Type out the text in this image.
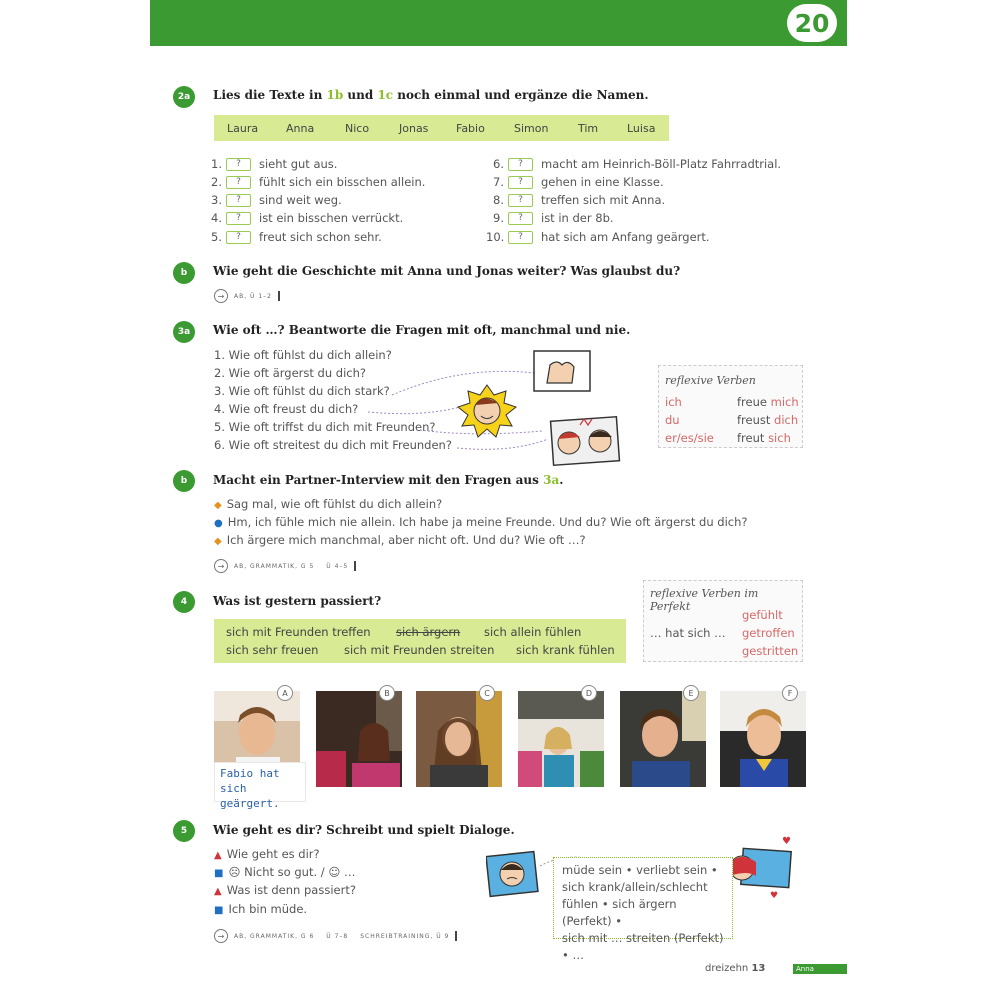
20
2a	Lies die Texte in 1b und 1c noch einmal und ergänze die Namen.
Laura	Anna	Nico	Jonas	Fabio	Simon	Tim	Luisa
1. ? sieht gut aus.
2. ? fühlt sich ein bisschen allein.
3. ? sind weit weg.
4. ? ist ein bisschen verrückt.
5. ? freut sich schon sehr.
6. ? macht am Heinrich-Böll-Platz Fahrradtrial.
7. ? gehen in eine Klasse.
8. ? treffen sich mit Anna.
9. ? ist in der 8b.
10. ? hat sich am Anfang geärgert.
b	Wie geht die Geschichte mit Anna und Jonas weiter? Was glaubst du?
→	AB, Ü 1–2
3a	Wie oft …? Beantworte die Fragen mit oft, manchmal und nie.
1. Wie oft fühlst du dich allein?
2. Wie oft ärgerst du dich?
3. Wie oft fühlst du dich stark?
4. Wie oft freust du dich?
5. Wie oft triffst du dich mit Freunden?
6. Wie oft streitest du dich mit Freunden?
reflexive Verben
ich	freue mich
du	freust dich
er/es/sie freut sich
b	Macht ein Partner-Interview mit den Fragen aus 3a.
◆ Sag mal, wie oft fühlst du dich allein?
● Hm, ich fühle mich nie allein. Ich habe ja meine Freunde. Und du? Wie oft ärgerst du dich?
◆ Ich ärgere mich manchmal, aber nicht oft. Und du? Wie oft …?
→	AB, GRAMMATIK, G 5 Ü 4–5
4	Was ist gestern passiert?
sich mit Freunden treffen sich ärgern sich allein fühlen
sich sehr freuen sich mit Freunden streiten sich krank fühlen
reflexive Verben im Perfekt
… hat sich …
gefühlt
getroffen
gestritten
A	B	C	D	E	F
Fabio hat sich geärgert.
5	Wie geht es dir? Schreibt und spielt Dialoge.
▲ Wie geht es dir?
■ ☹ Nicht so gut. / ☺ …
▲ Was ist denn passiert?
■ Ich bin müde.
→	AB, GRAMMATIK, G 6 Ü 7–8 SCHREIBTRAINING, Ü 9
♥
♥
müde sein • verliebt sein •
sich krank/allein/schlecht
fühlen • sich ärgern (Perfekt) •
sich mit … streiten (Perfekt) • …
dreizehn 13	Anna
